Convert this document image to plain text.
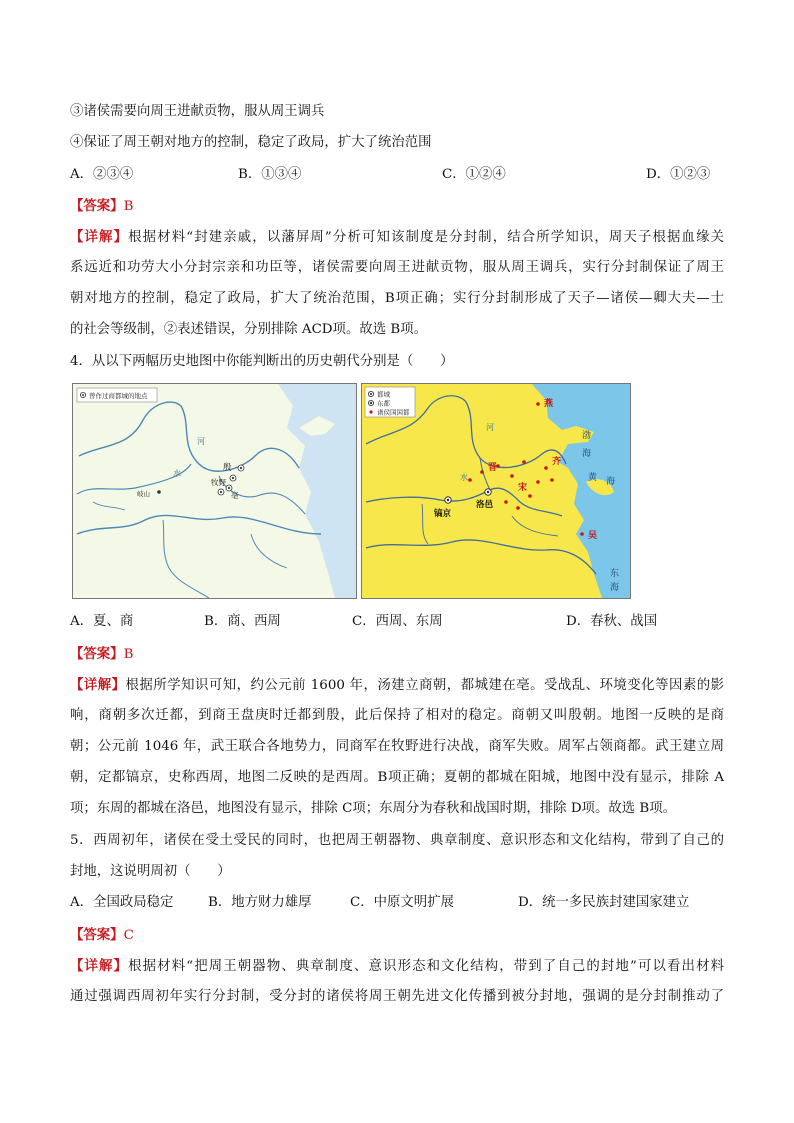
③诸侯需要向周王进献贡物，服从周王调兵
④保证了周王朝对地方的控制，稳定了政局，扩大了统治范围
A．②③④	B．①③④	C．①②④	D．①②③
【答案】B
【详解】根据材料“封建亲戚，以藩屏周”分析可知该制度是分封制，结合所学知识，周天子根据血缘关
系远近和功劳大小分封宗亲和功臣等，诸侯需要向周王进献贡物，服从周王调兵，实行分封制保证了周王
朝对地方的控制，稳定了政局，扩大了统治范围，B项正确；实行分封制形成了天子—诸侯—卿大夫—士
的社会等级制，②表述错误，分别排除 ACD项。故选 B项。
4．从以下两幅历史地图中你能判断出的历史朝代分别是（　　）
曾作过商都城的地点
殷
牧野
亳
河
水
岐山
都城
东都
诸侯国国都
镐京
洛邑
燕
齐
晋
宋
吴
渤
海
黄 海
东
海
河
水
A．夏、商	B．商、西周	C．西周、东周	D．春秋、战国
【答案】B
【详解】根据所学知识可知，约公元前 1600 年，汤建立商朝，都城建在亳。受战乱、环境变化等因素的影
响，商朝多次迁都，到商王盘庚时迁都到殷，此后保持了相对的稳定。商朝又叫殷朝。地图一反映的是商
朝；公元前 1046 年，武王联合各地势力，同商军在牧野进行决战，商军失败。周军占领商都。武王建立周
朝，定都镐京，史称西周，地图二反映的是西周。B项正确；夏朝的都城在阳城，地图中没有显示，排除 A
项；东周的都城在洛邑，地图没有显示，排除 C项；东周分为春秋和战国时期，排除 D项。故选 B项。
5．西周初年，诸侯在受土受民的同时，也把周王朝器物、典章制度、意识形态和文化结构，带到了自己的
封地，这说明周初（　　）
A．全国政局稳定	B．地方财力雄厚	C．中原文明扩展	D．统一多民族封建国家建立
【答案】C
【详解】根据材料“把周王朝器物、典章制度、意识形态和文化结构，带到了自己的封地”可以看出材料
通过强调西周初年实行分封制，受分封的诸侯将周王朝先进文化传播到被分封地，强调的是分封制推动了
